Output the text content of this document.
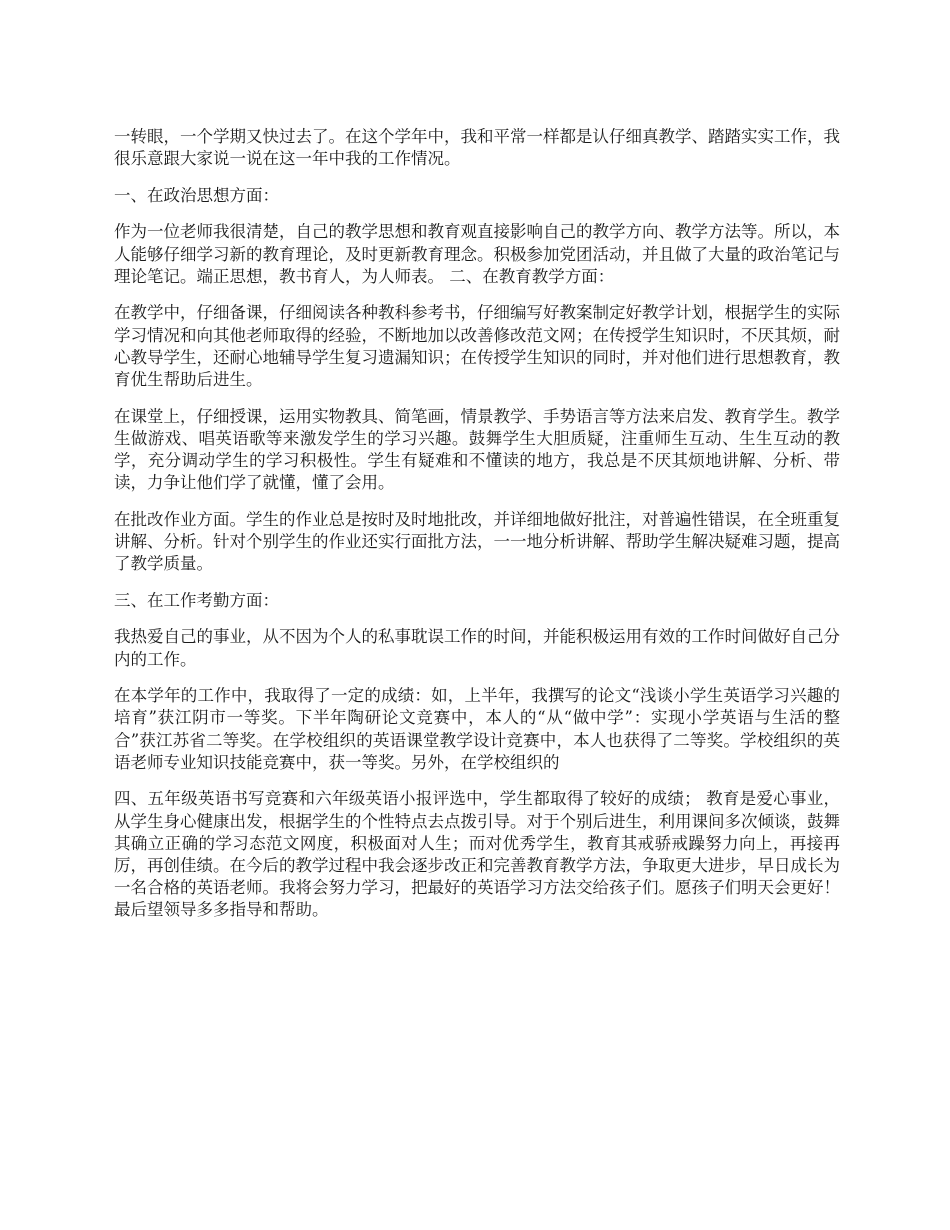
一转眼，一个学期又快过去了。在这个学年中，我和平常一样都是认仔细真教学、踏踏实实工作，我很乐意跟大家说一说在这一年中我的工作情况。

一、在政治思想方面：

作为一位老师我很清楚，自己的教学思想和教育观直接影响自己的教学方向、教学方法等。所以，本人能够仔细学习新的教育理论，及时更新教育理念。积极参加党团活动，并且做了大量的政治笔记与理论笔记。端正思想，教书育人，为人师表。 二、在教育教学方面：

在教学中，仔细备课，仔细阅读各种教科参考书，仔细编写好教案制定好教学计划，根据学生的实际学习情况和向其他老师取得的经验，不断地加以改善修改范文网；在传授学生知识时，不厌其烦，耐心教导学生，还耐心地辅导学生复习遗漏知识；在传授学生知识的同时，并对他们进行思想教育，教育优生帮助后进生。

在课堂上，仔细授课，运用实物教具、简笔画，情景教学、手势语言等方法来启发、教育学生。教学生做游戏、唱英语歌等来激发学生的学习兴趣。鼓舞学生大胆质疑，注重师生互动、生生互动的教学，充分调动学生的学习积极性。学生有疑难和不懂读的地方，我总是不厌其烦地讲解、分析、带读，力争让他们学了就懂，懂了会用。

在批改作业方面。学生的作业总是按时及时地批改，并详细地做好批注，对普遍性错误，在全班重复讲解、分析。针对个别学生的作业还实行面批方法，一一地分析讲解、帮助学生解决疑难习题，提高了教学质量。

三、在工作考勤方面：

我热爱自己的事业，从不因为个人的私事耽误工作的时间，并能积极运用有效的工作时间做好自己分内的工作。

在本学年的工作中，我取得了一定的成绩：如，上半年，我撰写的论文“浅谈小学生英语学习兴趣的培育”获江阴市一等奖。下半年陶研论文竞赛中，本人的“从“做中学”：实现小学英语与生活的整合”获江苏省二等奖。在学校组织的英语课堂教学设计竞赛中，本人也获得了二等奖。学校组织的英语老师专业知识技能竞赛中，获一等奖。另外，在学校组织的

四、五年级英语书写竞赛和六年级英语小报评选中，学生都取得了较好的成绩； 教育是爱心事业，从学生身心健康出发，根据学生的个性特点去点拨引导。对于个别后进生，利用课间多次倾谈，鼓舞其确立正确的学习态范文网度，积极面对人生；而对优秀学生，教育其戒骄戒躁努力向上，再接再厉，再创佳绩。在今后的教学过程中我会逐步改正和完善教育教学方法，争取更大进步，早日成长为一名合格的英语老师。我将会努力学习，把最好的英语学习方法交给孩子们。愿孩子们明天会更好！ 最后望领导多多指导和帮助。
